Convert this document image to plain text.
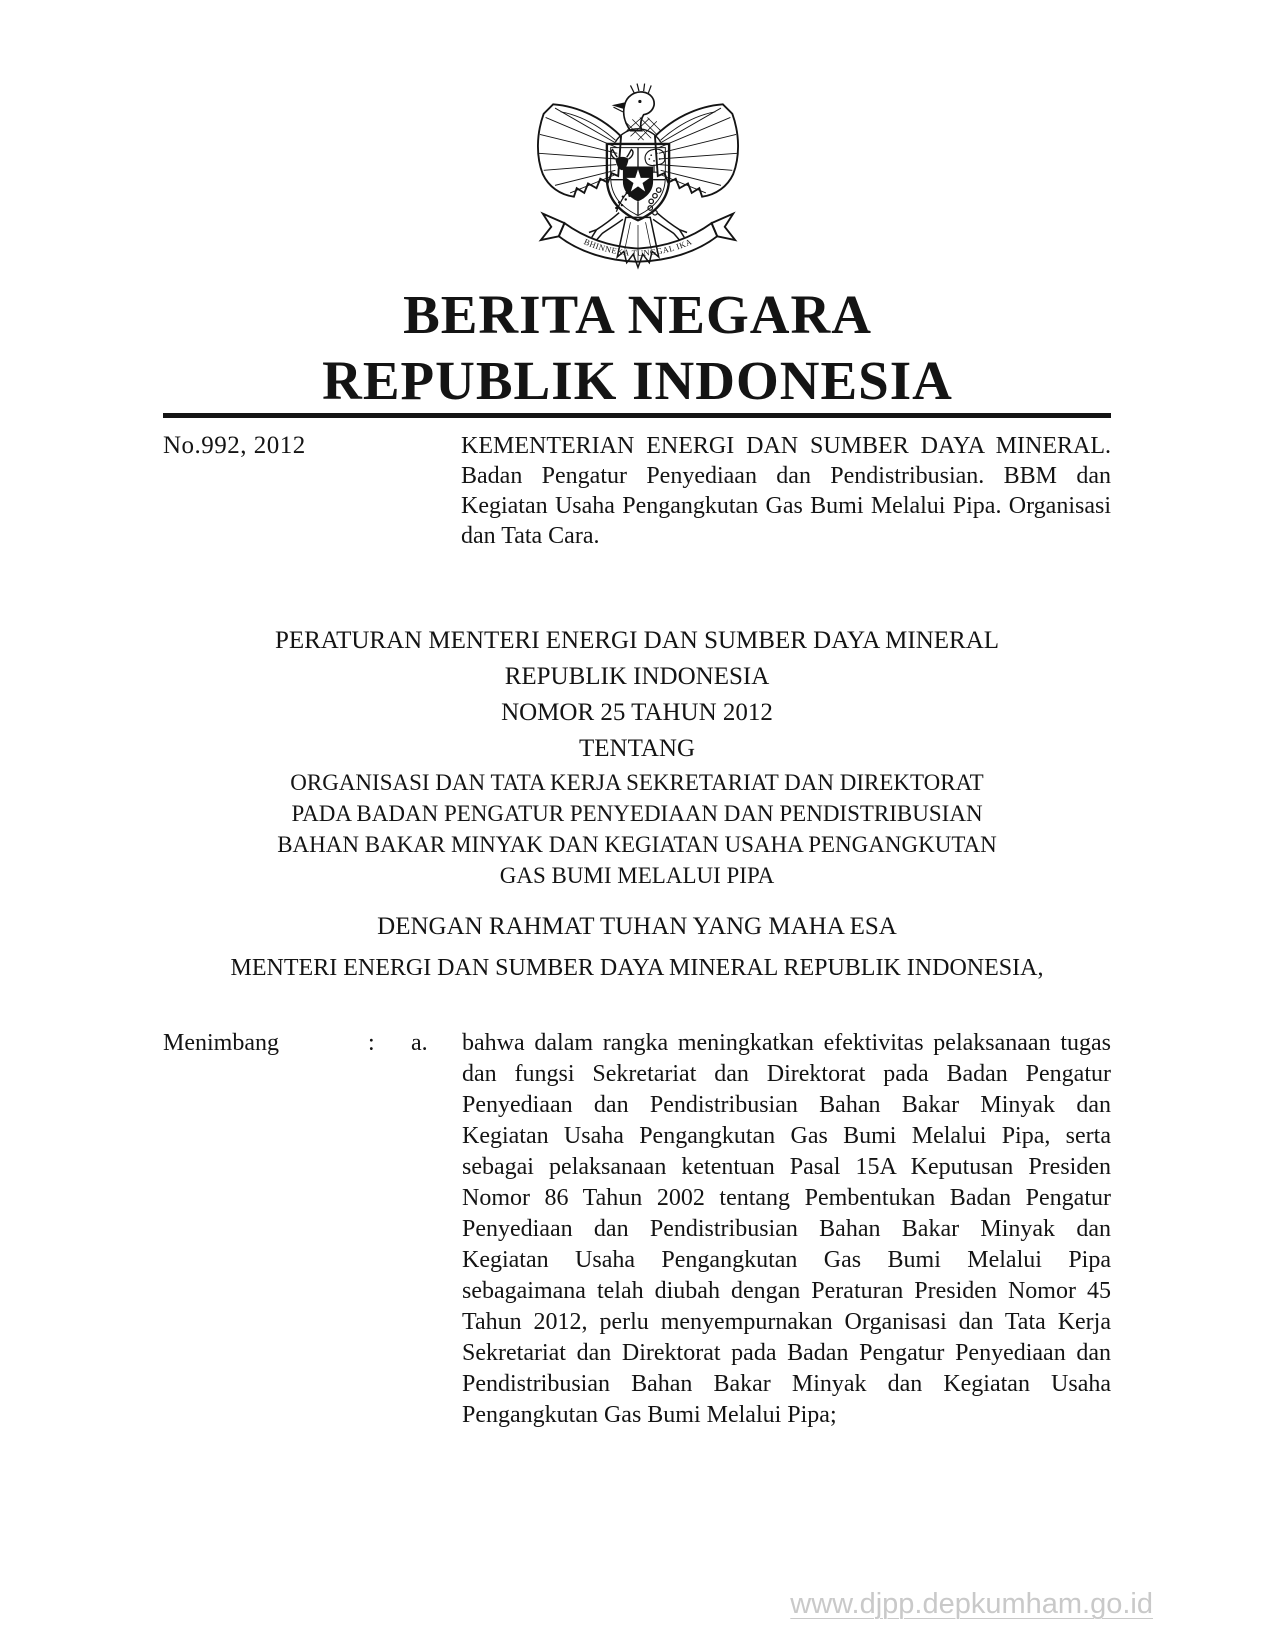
BHINNEKA TUNGGAL IKA
BERITA NEGARA
REPUBLIK INDONESIA
No.992, 2012	KEMENTERIAN ENERGI DAN SUMBER DAYA MINERAL. Badan Pengatur Penyediaan dan Pendistribusian. BBM dan Kegiatan Usaha Pengangkutan Gas Bumi Melalui Pipa. Organisasi dan Tata Cara.

PERATURAN MENTERI ENERGI DAN SUMBER DAYA MINERAL
REPUBLIK INDONESIA
NOMOR 25 TAHUN 2012
TENTANG
ORGANISASI DAN TATA KERJA SEKRETARIAT DAN DIREKTORAT
PADA BADAN PENGATUR PENYEDIAAN DAN PENDISTRIBUSIAN
BAHAN BAKAR MINYAK DAN KEGIATAN USAHA PENGANGKUTAN
GAS BUMI MELALUI PIPA
DENGAN RAHMAT TUHAN YANG MAHA ESA
MENTERI ENERGI DAN SUMBER DAYA MINERAL REPUBLIK INDONESIA,
Menimbang	:	a.	bahwa dalam rangka meningkatkan efektivitas pelaksanaan tugas dan fungsi Sekretariat dan Direktorat pada Badan Pengatur Penyediaan dan Pendistribusian Bahan Bakar Minyak dan Kegiatan Usaha Pengangkutan Gas Bumi Melalui Pipa, serta sebagai pelaksanaan ketentuan Pasal 15A Keputusan Presiden Nomor 86 Tahun 2002 tentang Pembentukan Badan Pengatur Penyediaan dan Pendistribusian Bahan Bakar Minyak dan Kegiatan Usaha Pengangkutan Gas Bumi Melalui Pipa sebagaimana telah diubah dengan Peraturan Presiden Nomor 45 Tahun 2012, perlu menyempurnakan Organisasi dan Tata Kerja Sekretariat dan Direktorat pada Badan Pengatur Penyediaan dan Pendistribusian Bahan Bakar Minyak dan Kegiatan Usaha Pengangkutan Gas Bumi Melalui Pipa;

www.djpp.depkumham.go.id
